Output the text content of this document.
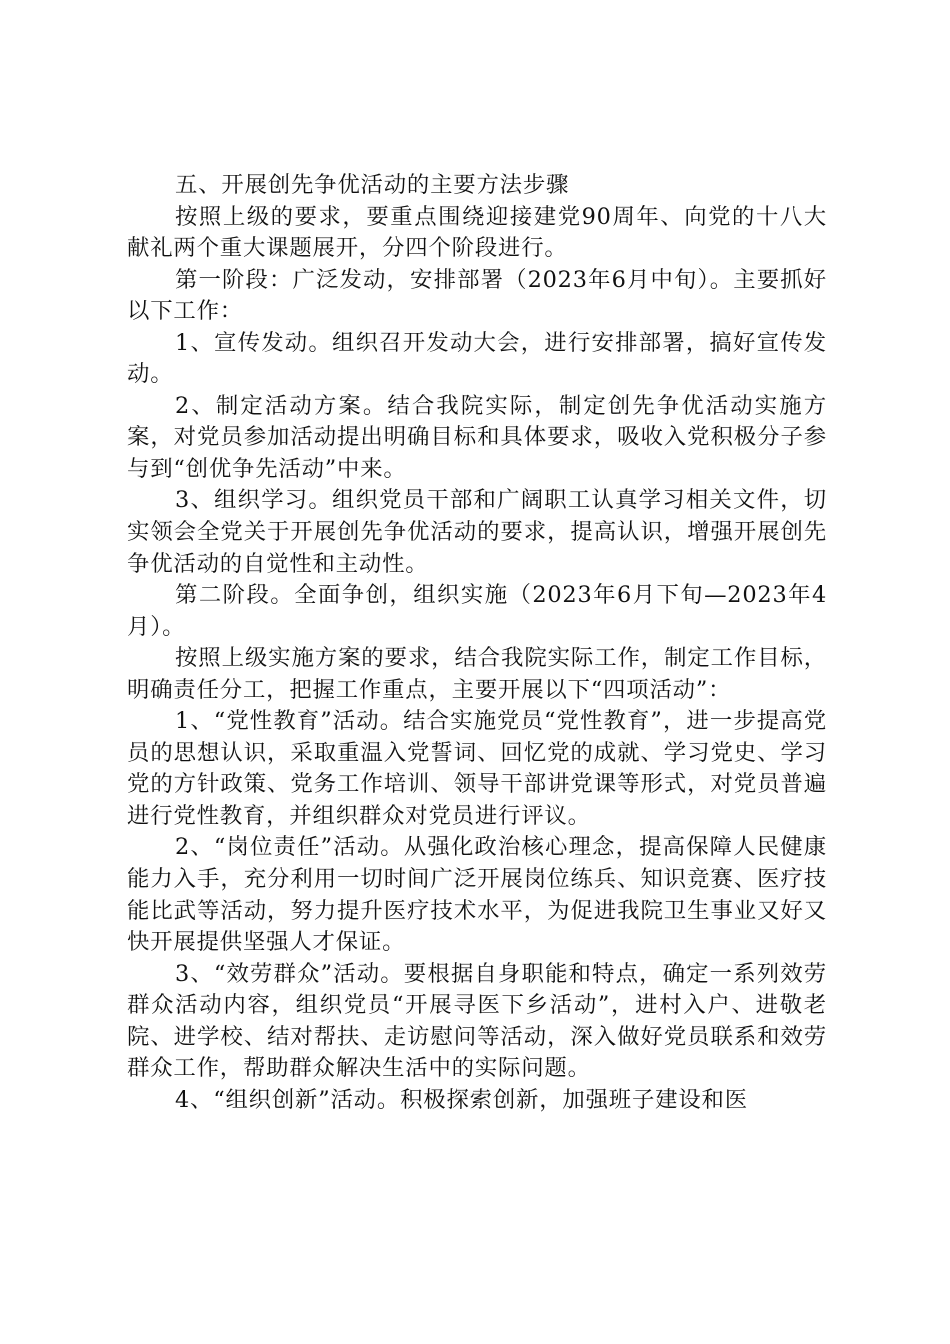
五、开展创先争优活动的主要方法步骤

按照上级的要求，要重点围绕迎接建党90周年、向党的十八大献礼两个重大课题展开，分四个阶段进行。

第一阶段：广泛发动，安排部署（2023年6月中旬）。主要抓好以下工作：

1、宣传发动。组织召开发动大会，进行安排部署，搞好宣传发动。

2、制定活动方案。结合我院实际，制定创先争优活动实施方案，对党员参加活动提出明确目标和具体要求，吸收入党积极分子参与到“创优争先活动”中来。

3、组织学习。组织党员干部和广阔职工认真学习相关文件，切实领会全党关于开展创先争优活动的要求，提高认识，增强开展创先争优活动的自觉性和主动性。

第二阶段。全面争创，组织实施（2023年6月下旬—2023年4月）。

按照上级实施方案的要求，结合我院实际工作，制定工作目标，明确责任分工，把握工作重点，主要开展以下“四项活动”：

1、“党性教育”活动。结合实施党员“党性教育”，进一步提高党员的思想认识，采取重温入党誓词、回忆党的成就、学习党史、学习党的方针政策、党务工作培训、领导干部讲党课等形式，对党员普遍进行党性教育，并组织群众对党员进行评议。

2、“岗位责任”活动。从强化政治核心理念，提高保障人民健康能力入手，充分利用一切时间广泛开展岗位练兵、知识竞赛、医疗技能比武等活动，努力提升医疗技术水平，为促进我院卫生事业又好又快开展提供坚强人才保证。

3、“效劳群众”活动。要根据自身职能和特点，确定一系列效劳群众活动内容，组织党员“开展寻医下乡活动”，进村入户、进敬老院、进学校、结对帮扶、走访慰问等活动，深入做好党员联系和效劳群众工作，帮助群众解决生活中的实际问题。

4、“组织创新”活动。积极探索创新，加强班子建设和医
